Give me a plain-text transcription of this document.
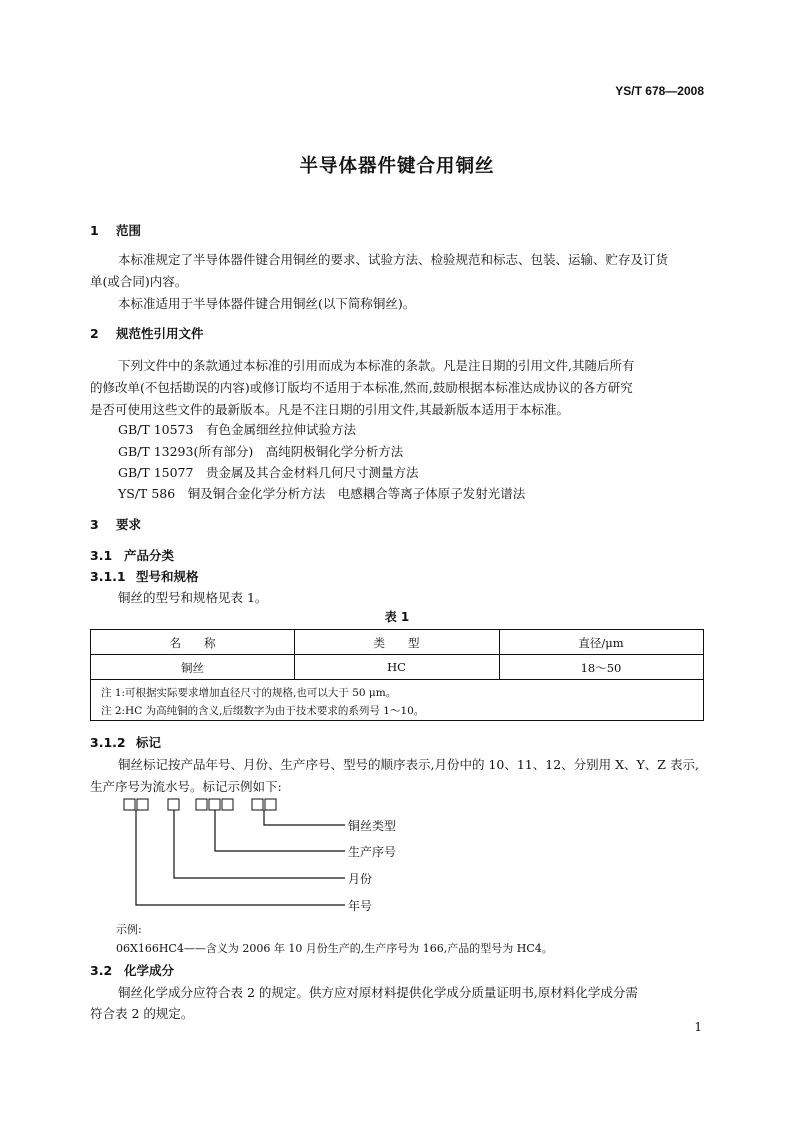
YS/T 678—2008
半导体器件键合用铜丝
1 范围
本标准规定了半导体器件键合用铜丝的要求、试验方法、检验规范和标志、包装、运输、贮存及订货
单(或合同)内容。
本标准适用于半导体器件键合用铜丝(以下简称铜丝)。
2 规范性引用文件
下列文件中的条款通过本标准的引用而成为本标准的条款。凡是注日期的引用文件,其随后所有
的修改单(不包括勘误的内容)或修订版均不适用于本标准,然而,鼓励根据本标准达成协议的各方研究
是否可使用这些文件的最新版本。凡是不注日期的引用文件,其最新版本适用于本标准。
GB/T 10573　 有色金属细丝拉伸试验方法
GB/T 13293(所有部分)　 高纯阴极铜化学分析方法
GB/T 15077　 贵金属及其合金材料几何尺寸测量方法
YS/T 586　 铜及铜合金化学分析方法　电感耦合等离子体原子发射光谱法
3 要求
3.1 产品分类
3.1.1 型号和规格
铜丝的型号和规格见表 1。
表 1
名　　称	类　　型	直径/μm
铜丝	HC	18～50
注 1:可根据实际要求增加直径尺寸的规格,也可以大于 50 μm。
注 2:HC 为高纯铜的含义,后缀数字为由于技术要求的系列号 1～10。
3.1.2 标记
铜丝标记按产品年号、月份、生产序号、型号的顺序表示,月份中的 10、11、12、分别用 X、Y、Z 表示,
生产序号为流水号。标记示例如下:
铜丝类型
生产序号
月份
年号
示例:
06X166HC4——含义为 2006 年 10 月份生产的,生产序号为 166,产品的型号为 HC4。
3.2 化学成分
铜丝化学成分应符合表 2 的规定。供方应对原材料提供化学成分质量证明书,原材料化学成分需
符合表 2 的规定。
1
